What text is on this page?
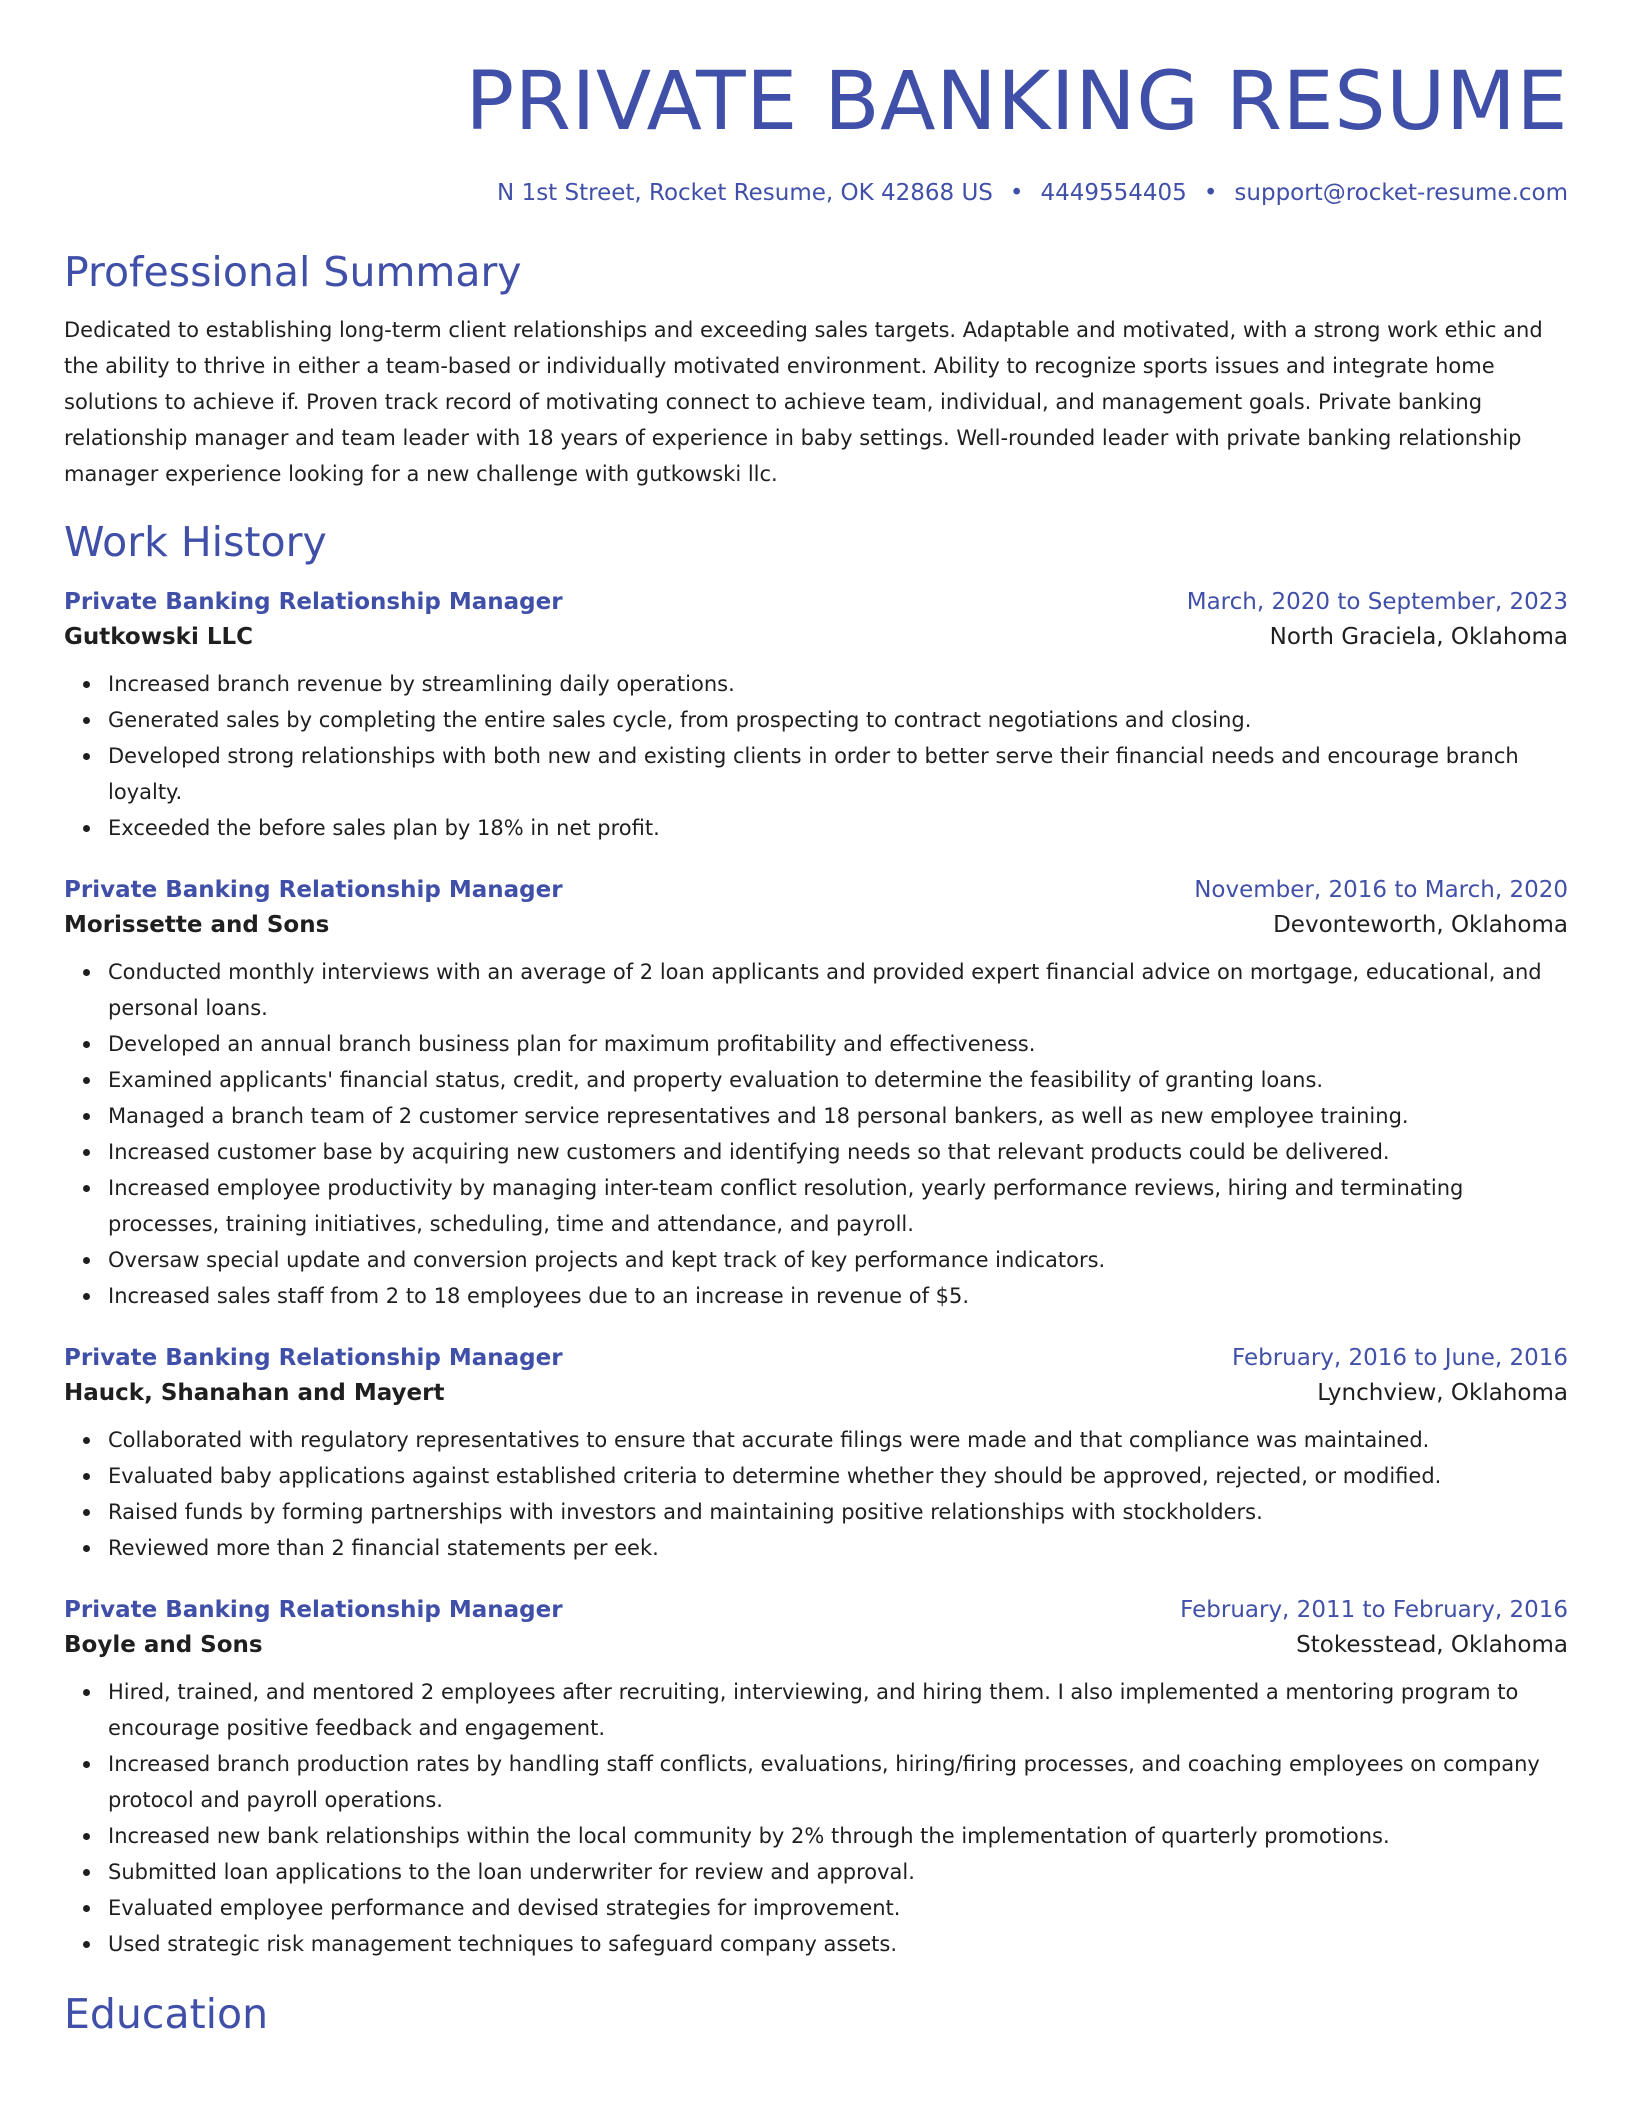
PRIVATE BANKING RESUME
N 1st Street, Rocket Resume, OK 42868 US • 4449554405 • support@rocket-resume.com
Professional Summary
Dedicated to establishing long-term client relationships and exceeding sales targets. Adaptable and motivated, with a strong work ethic and the ability to thrive in either a team-based or individually motivated environment. Ability to recognize sports issues and integrate home solutions to achieve if. Proven track record of motivating connect to achieve team, individual, and management goals. Private banking relationship manager and team leader with 18 years of experience in baby settings. Well-rounded leader with private banking relationship manager experience looking for a new challenge with gutkowski llc.
Work History
Private Banking Relationship Manager	March, 2020 to September, 2023
Gutkowski LLC	North Graciela, Oklahoma
Increased branch revenue by streamlining daily operations.
Generated sales by completing the entire sales cycle, from prospecting to contract negotiations and closing.
Developed strong relationships with both new and existing clients in order to better serve their financial needs and encourage branch loyalty.
Exceeded the before sales plan by 18% in net profit.
Private Banking Relationship Manager	November, 2016 to March, 2020
Morissette and Sons	Devonteworth, Oklahoma
Conducted monthly interviews with an average of 2 loan applicants and provided expert financial advice on mortgage, educational, and personal loans.
Developed an annual branch business plan for maximum profitability and effectiveness.
Examined applicants' financial status, credit, and property evaluation to determine the feasibility of granting loans.
Managed a branch team of 2 customer service representatives and 18 personal bankers, as well as new employee training.
Increased customer base by acquiring new customers and identifying needs so that relevant products could be delivered.
Increased employee productivity by managing inter-team conflict resolution, yearly performance reviews, hiring and terminating processes, training initiatives, scheduling, time and attendance, and payroll.
Oversaw special update and conversion projects and kept track of key performance indicators.
Increased sales staff from 2 to 18 employees due to an increase in revenue of $5.
Private Banking Relationship Manager	February, 2016 to June, 2016
Hauck, Shanahan and Mayert	Lynchview, Oklahoma
Collaborated with regulatory representatives to ensure that accurate filings were made and that compliance was maintained.
Evaluated baby applications against established criteria to determine whether they should be approved, rejected, or modified.
Raised funds by forming partnerships with investors and maintaining positive relationships with stockholders.
Reviewed more than 2 financial statements per eek.
Private Banking Relationship Manager	February, 2011 to February, 2016
Boyle and Sons	Stokesstead, Oklahoma
Hired, trained, and mentored 2 employees after recruiting, interviewing, and hiring them. I also implemented a mentoring program to encourage positive feedback and engagement.
Increased branch production rates by handling staff conflicts, evaluations, hiring/firing processes, and coaching employees on company protocol and payroll operations.
Increased new bank relationships within the local community by 2% through the implementation of quarterly promotions.
Submitted loan applications to the loan underwriter for review and approval.
Evaluated employee performance and devised strategies for improvement.
Used strategic risk management techniques to safeguard company assets.
Education
